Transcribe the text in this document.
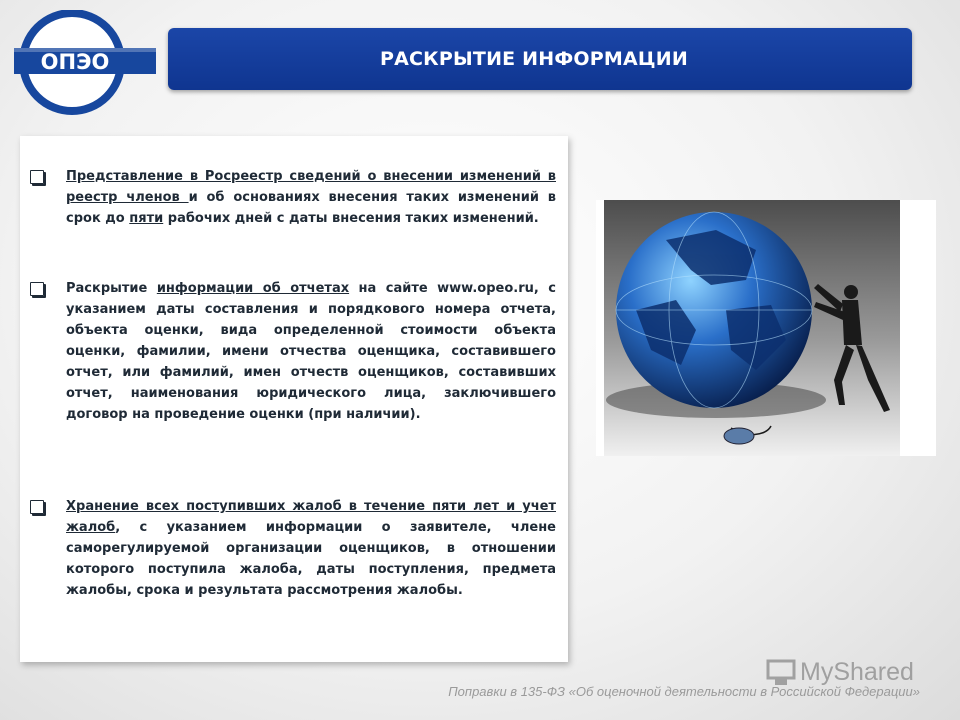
ОПЭО	РАСКРЫТИЕ ИНФОРМАЦИИ
Представление в Росреестр сведений о внесении изменений в реестр членов и об основаниях внесения таких изменений в срок до пяти рабочих дней с даты внесения таких изменений.
Раскрытие информации об отчетах на сайте www.opeo.ru, с указанием даты составления и порядкового номера отчета, объекта оценки, вида определенной стоимости объекта оценки, фамилии, имени отчества оценщика, составившего отчет, или фамилий, имен отчеств оценщиков, составивших отчет, наименования юридического лица, заключившего договор на проведение оценки (при наличии).
Хранение всех поступивших жалоб в течение пяти лет и учет жалоб, с указанием информации о заявителе, члене саморегулируемой организации оценщиков, в отношении которого поступила жалоба, даты поступления, предмета жалобы, срока и результата рассмотрения жалобы.
Поправки в 135-ФЗ «Об оценочной деятельности в Российской Федерации»
MyShared
